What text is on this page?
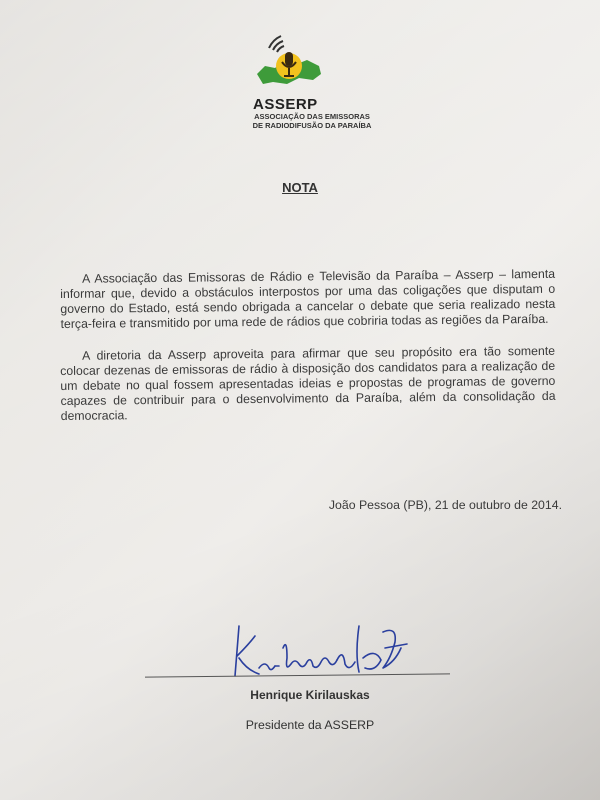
ASSERP
ASSOCIAÇÃO DAS EMISSORAS
DE RADIODIFUSÃO DA PARAÍBA
NOTA
A Associação das Emissoras de Rádio e Televisão da Paraíba – Asserp – lamenta informar que, devido a obstáculos interpostos por uma das coligações que disputam o governo do Estado, está sendo obrigada a cancelar o debate que seria realizado nesta terça-feira e transmitido por uma rede de rádios que cobriria todas as regiões da Paraíba.
A diretoria da Asserp aproveita para afirmar que seu propósito era tão somente colocar dezenas de emissoras de rádio à disposição dos candidatos para a realização de um debate no qual fossem apresentadas ideias e propostas de programas de governo capazes de contribuir para o desenvolvimento da Paraíba, além da consolidação da democracia.
João Pessoa (PB), 21 de outubro de 2014.
Henrique Kirilauskas
Presidente da ASSERP
